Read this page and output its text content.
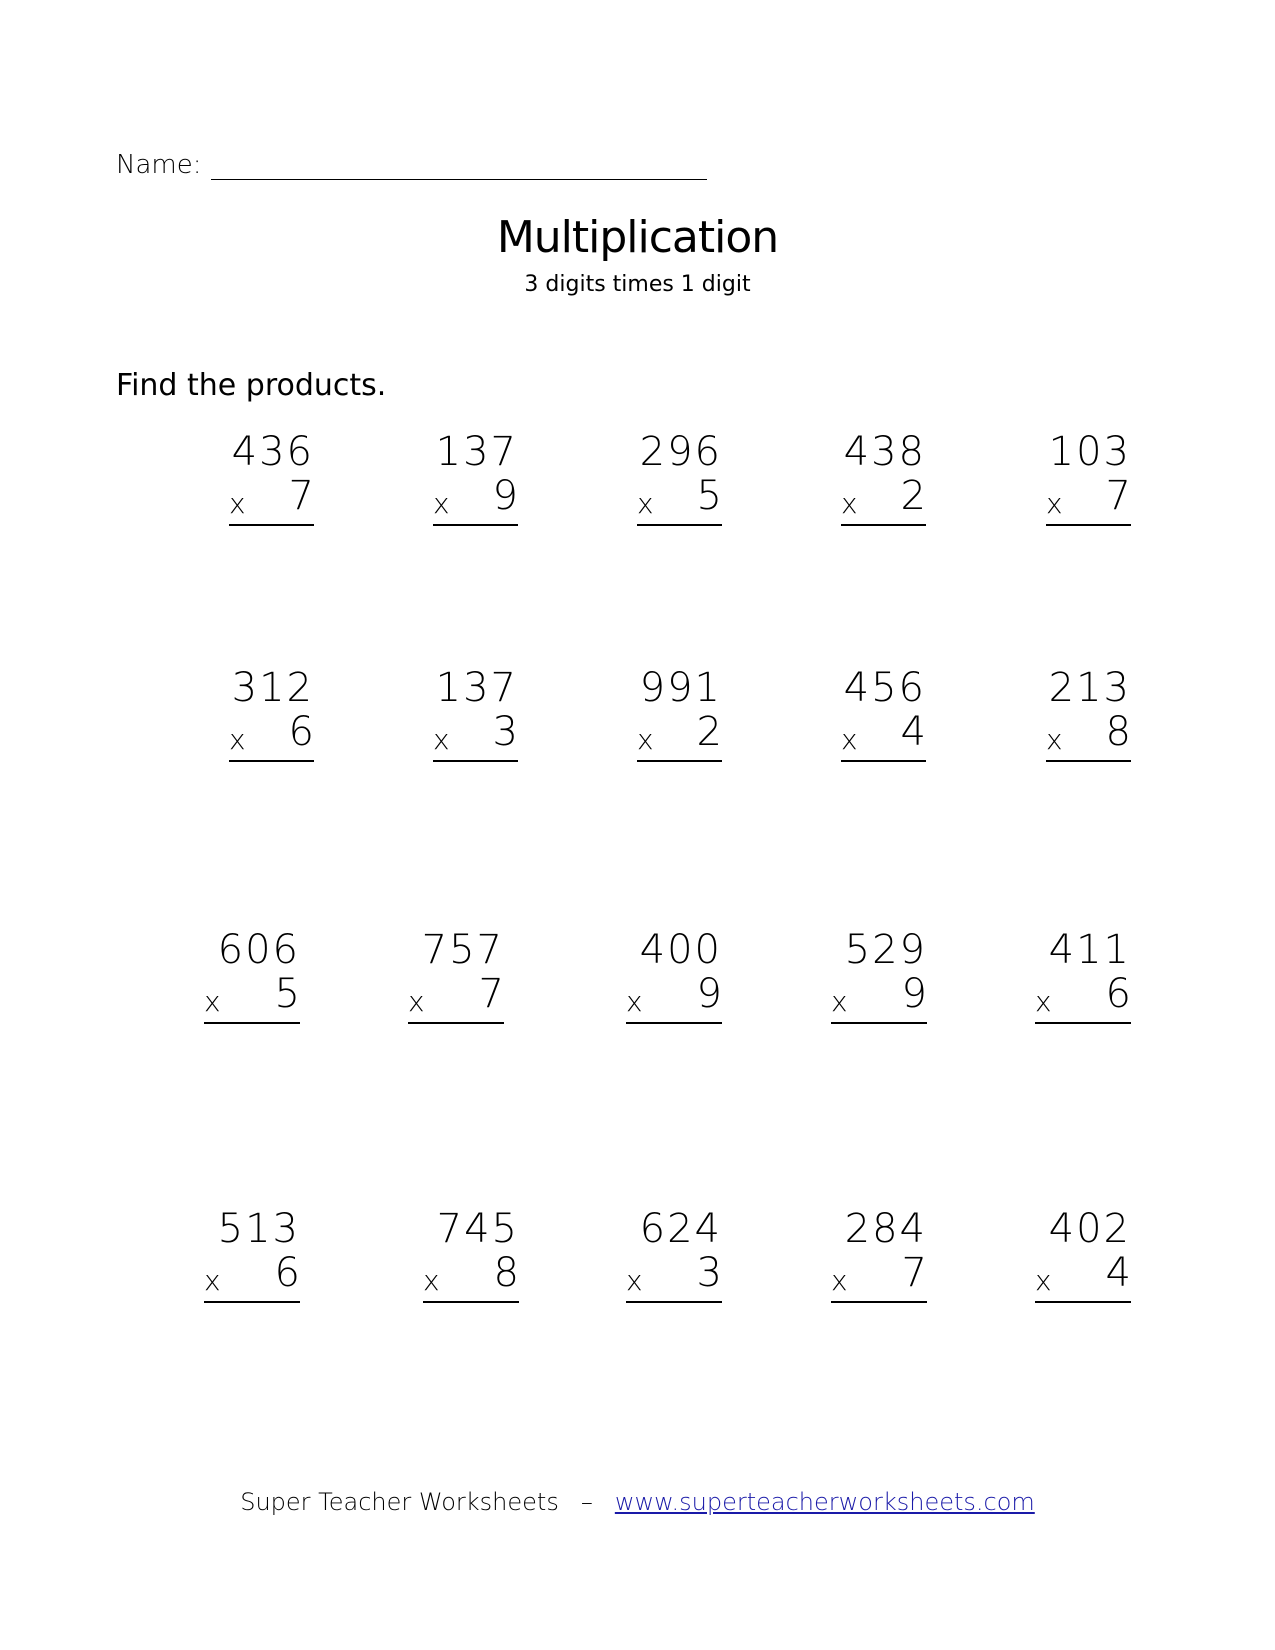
Name:
Multiplication
3 digits times 1 digit
Find the products.
436
x 7
137
x 9
296
x 5
438
x 2
103
x 7
312
x 6
137
x 3
991
x 2
456
x 4
213
x 8
606
x 5
757
x 7
400
x 9
529
x 9
411
x 6
513
x 6
745
x 8
624
x 3
284
x 7
402
x 4
Super Teacher Worksheets – www.superteacherworksheets.com
